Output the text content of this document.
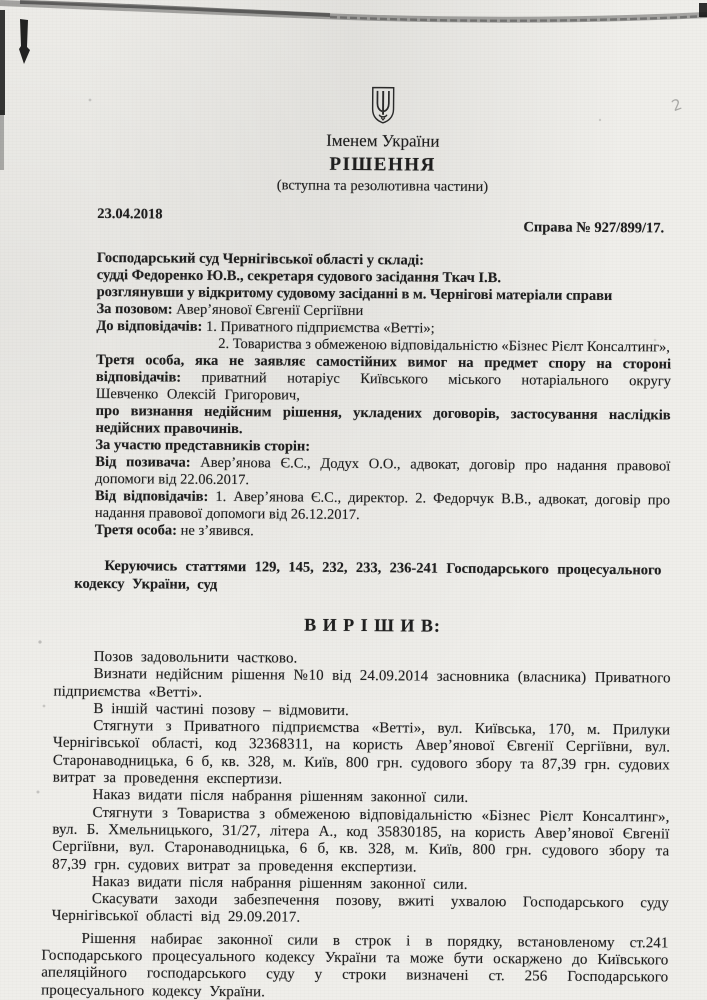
2
Іменем України
РІШЕННЯ
(вступна та резолютивна частини)
23.04.2018
Справа № 927/899/17.

Господарський суд Чернігівської області у складі:

судді Федоренко Ю.В., секретаря судового засідання Ткач І.В.

розглянувши у відкритому судовому засіданні в м. Чернігові матеріали справи

За позовом: Авер’янової Євгенії Сергіївни

До відповідачів: 1. Приватного підприємства «Ветті»;

2. Товариства з обмеженою відповідальністю «Бізнес Рієлт Консалтинг»,

Третя особа, яка не заявляє самостійних вимог на предмет спору на стороні відповідачів: приватний нотаріус Київського міського нотаріального округу Шевченко Олексій Григорович,

про визнання недійсним рішення, укладених договорів, застосування наслідків недійсних правочинів.

За участю представників сторін:

Від позивача: Авер’янова Є.С., Додух О.О., адвокат, договір про надання правової допомоги від 22.06.2017.

Від відповідачів: 1. Авер’янова Є.С., директор. 2. Федорчук В.В., адвокат, договір про надання правової допомоги від 26.12.2017.

Третя особа: не з’явився.

Керуючись статтями 129, 145, 232, 233, 236-241 Господарського процесуального кодексу України, суд

В И Р І Ш И В:

Позов задовольнити частково.

Визнати недійсним рішення №10 від 24.09.2014 засновника (власника) Приватного підприємства «Ветті».

В іншій частині позову – відмовити.

Стягнути з Приватного підприємства «Ветті», вул. Київська, 170, м. Прилуки Чернігівської області, код 32368311, на користь Авер’янової Євгенії Сергіївни, вул. Старонаводницька, 6 б, кв. 328, м. Київ, 800 грн. судового збору та 87,39 грн. судових витрат за проведення експертизи.

Наказ видати після набрання рішенням законної сили.

Стягнути з Товариства з обмеженою відповідальністю «Бізнес Рієлт Консалтинг», вул. Б. Хмельницького, 31/27, літера А., код 35830185, на користь Авер’янової Євгенії Сергіївни, вул. Старонаводницька, 6 б, кв. 328, м. Київ, 800 грн. судового збору та 87,39 грн. судових витрат за проведення експертизи.

Наказ видати після набрання рішенням законної сили.

Скасувати заходи забезпечення позову, вжиті ухвалою Господарського суду Чернігівської області від 29.09.2017.

Рішення набирає законної сили в строк і в порядку, встановленому ст.241 Господарського процесуального кодексу України та може бути оскаржено до Київського апеляційного господарського суду у строки визначені ст. 256 Господарського процесуального кодексу України.
